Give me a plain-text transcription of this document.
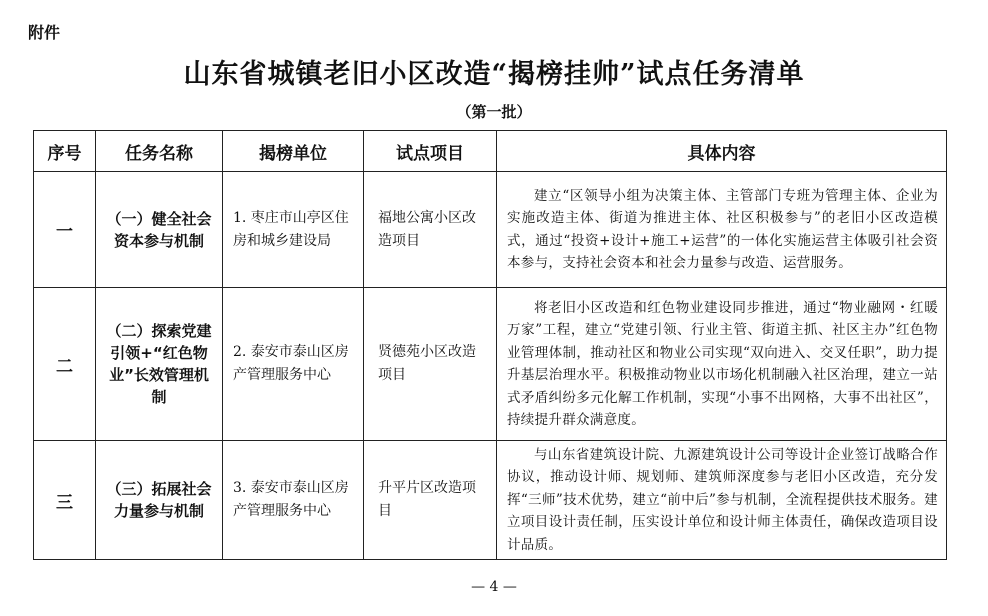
附件
山东省城镇老旧小区改造“揭榜挂帅”试点任务清单
（第一批）
序号	任务名称	揭榜单位	试点项目	具体内容
一	（一）健全社会资本参与机制	1. 枣庄市山亭区住房和城乡建设局	福地公寓小区改造项目	建立“区领导小组为决策主体、主管部门专班为管理主体、企业为实施改造主体、街道为推进主体、社区积极参与”的老旧小区改造模式，通过“投资+设计+施工+运营”的一体化实施运营主体吸引社会资本参与，支持社会资本和社会力量参与改造、运营服务。
二	（二）探索党建引领+“红色物业”长效管理机制	2. 泰安市泰山区房产管理服务中心	贤德苑小区改造项目	将老旧小区改造和红色物业建设同步推进，通过“物业融网・红暖万家”工程，建立“党建引领、行业主管、街道主抓、社区主办”红色物业管理体制，推动社区和物业公司实现“双向进入、交叉任职”，助力提升基层治理水平。积极推动物业以市场化机制融入社区治理，建立一站式矛盾纠纷多元化解工作机制，实现“小事不出网格，大事不出社区”，持续提升群众满意度。
三	（三）拓展社会力量参与机制	3. 泰安市泰山区房产管理服务中心	升平片区改造项目	与山东省建筑设计院、九源建筑设计公司等设计企业签订战略合作协议，推动设计师、规划师、建筑师深度参与老旧小区改造，充分发挥“三师”技术优势，建立“前中后”参与机制，全流程提供技术服务。建立项目设计责任制，压实设计单位和设计师主体责任，确保改造项目设计品质。
— 4 —
